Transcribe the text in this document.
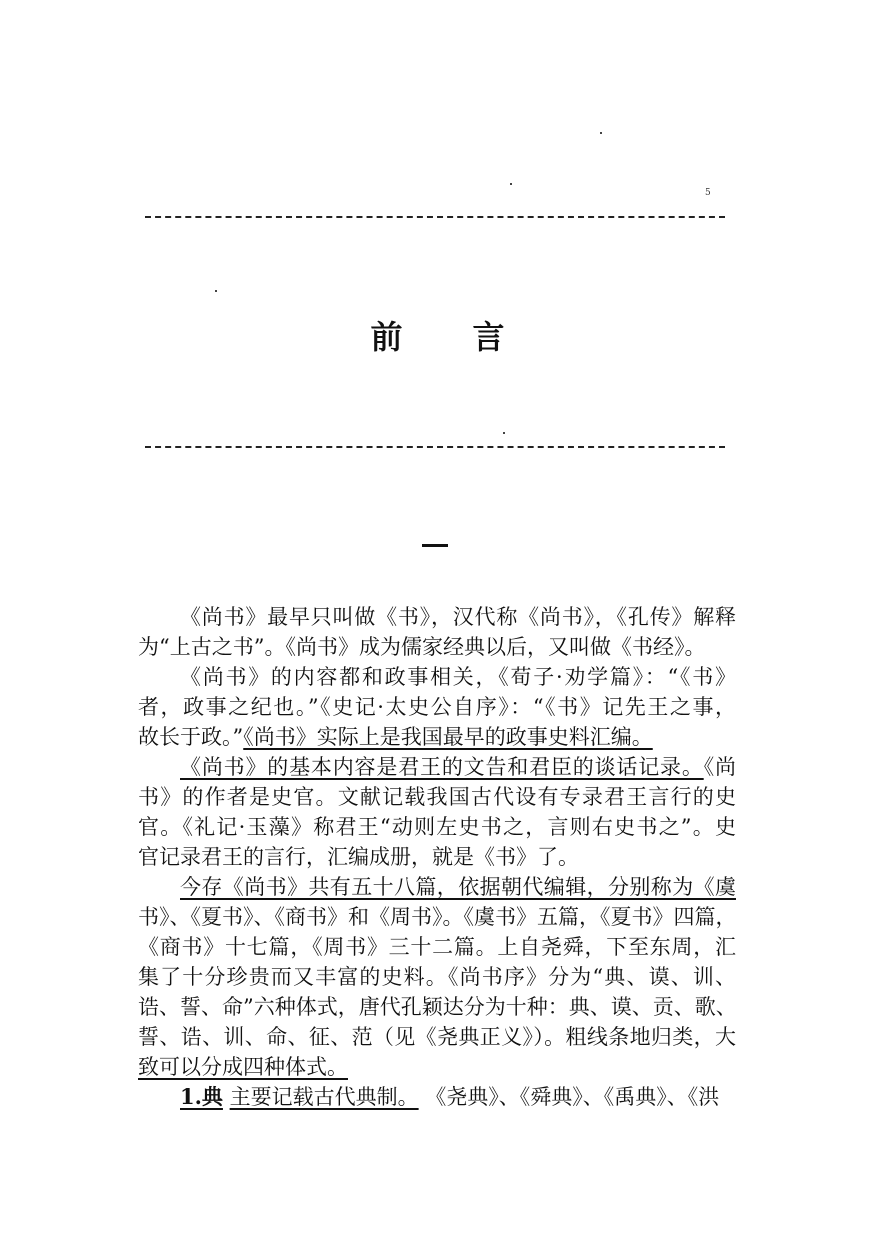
5
前言
《尚书》最早只叫做《书》，汉代称《尚书》，《孔传》解释
为“上古之书”。《尚书》成为儒家经典以后，又叫做《书经》。
《尚书》的内容都和政事相关，《荀子·劝学篇》：“《书》
者，政事之纪也。”《史记·太史公自序》：“《书》记先王之事，
故长于政。”《尚书》实际上是我国最早的政事史料汇编。
《尚书》的基本内容是君王的文告和君臣的谈话记录。《尚
书》的作者是史官。文献记载我国古代设有专录君王言行的史
官。《礼记·玉藻》称君王“动则左史书之，言则右史书之”。史
官记录君王的言行，汇编成册，就是《书》了。
今存《尚书》共有五十八篇，依据朝代编辑，分别称为《虞
书》、《夏书》、《商书》和《周书》。《虞书》五篇，《夏书》四篇，
《商书》十七篇，《周书》三十二篇。上自尧舜，下至东周，汇
集了十分珍贵而又丰富的史料。《尚书序》分为“典、谟、训、
诰、誓、命”六种体式，唐代孔颖达分为十种：典、谟、贡、歌、
誓、诰、训、命、征、范（见《尧典正义》）。粗线条地归类，大
致可以分成四种体式。
1.典 主要记载古代典制。 《尧典》、《舜典》、《禹典》、《洪
